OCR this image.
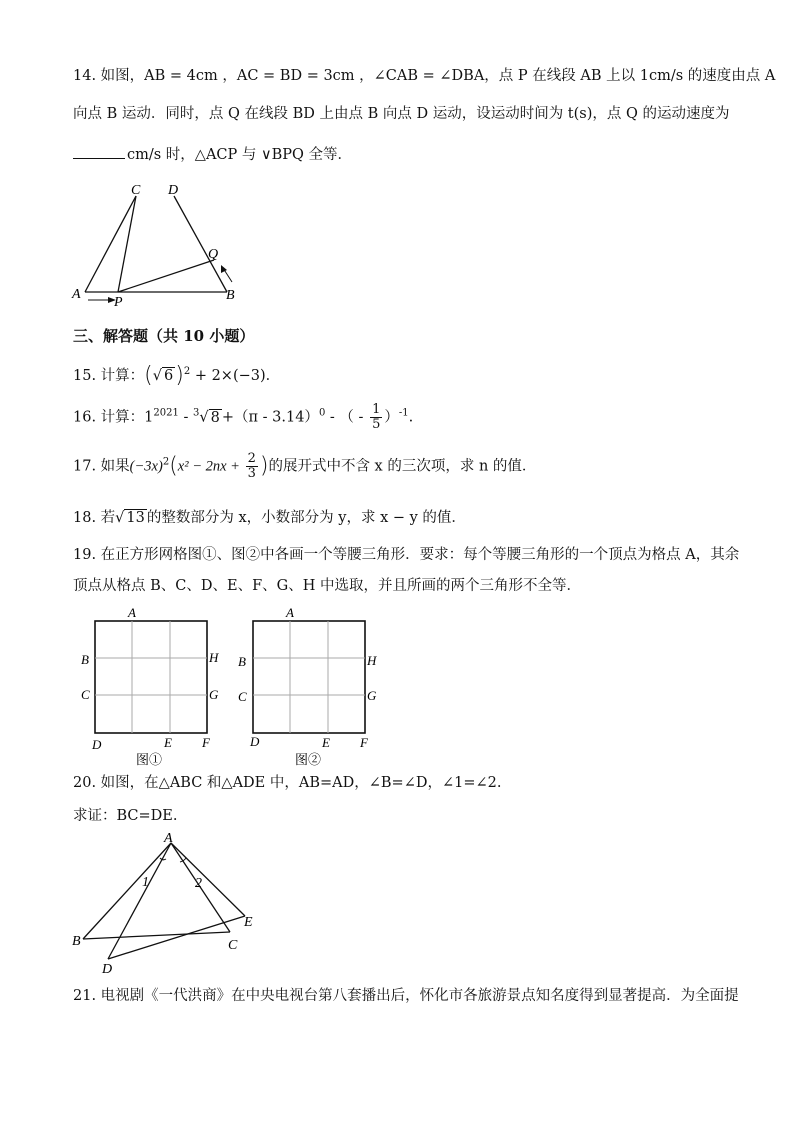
14. 如图，AB = 4cm ，AC = BD = 3cm ，∠CAB = ∠DBA，点 P 在线段 AB 上以 1cm/s 的速度由点 A
向点 B 运动．同时，点 Q 在线段 BD 上由点 B 向点 D 运动，设运动时间为 t(s)，点 Q 的运动速度为
cm/s 时，△ACP 与 ∨BPQ 全等．
A
P	B
C D
Q
三、解答题（共 10 小题）
15. 计算：(√ 6)$^2$ + 2×(−3)．
16. 计算：$1^{2021} - ^3√$ 8 +（π - 3.14）$^0$ - （ - $\frac{1}{5} )^{-1}$.
17. 如果$(-3x)^2(x^2 - 2nx + \frac{2}{3}$ )的展开式中不含 x 的三次项，求 n 的值．
18. 若√ 13 的整数部分为 x，小数部分为 y，求 x − y 的值．
19. 在正方形网格图①、图②中各画一个等腰三角形．要求：每个等腰三角形的一个顶点为格点 A，其余
顶点从格点 B、C、D、E、F、G、H 中选取，并且所画的两个三角形不全等．
A
B
C
D	E F
G
H
图①
A
B
C
D	E F
G
H
图②
20. 如图，在△ABC 和△ADE 中，AB=AD，∠B=∠D，∠1=∠2.
求证：BC=DE.
A
B	C
D
E
1	2
21. 电视剧《一代洪商》在中央电视台第八套播出后，怀化市各旅游景点知名度得到显著提高．为全面提
